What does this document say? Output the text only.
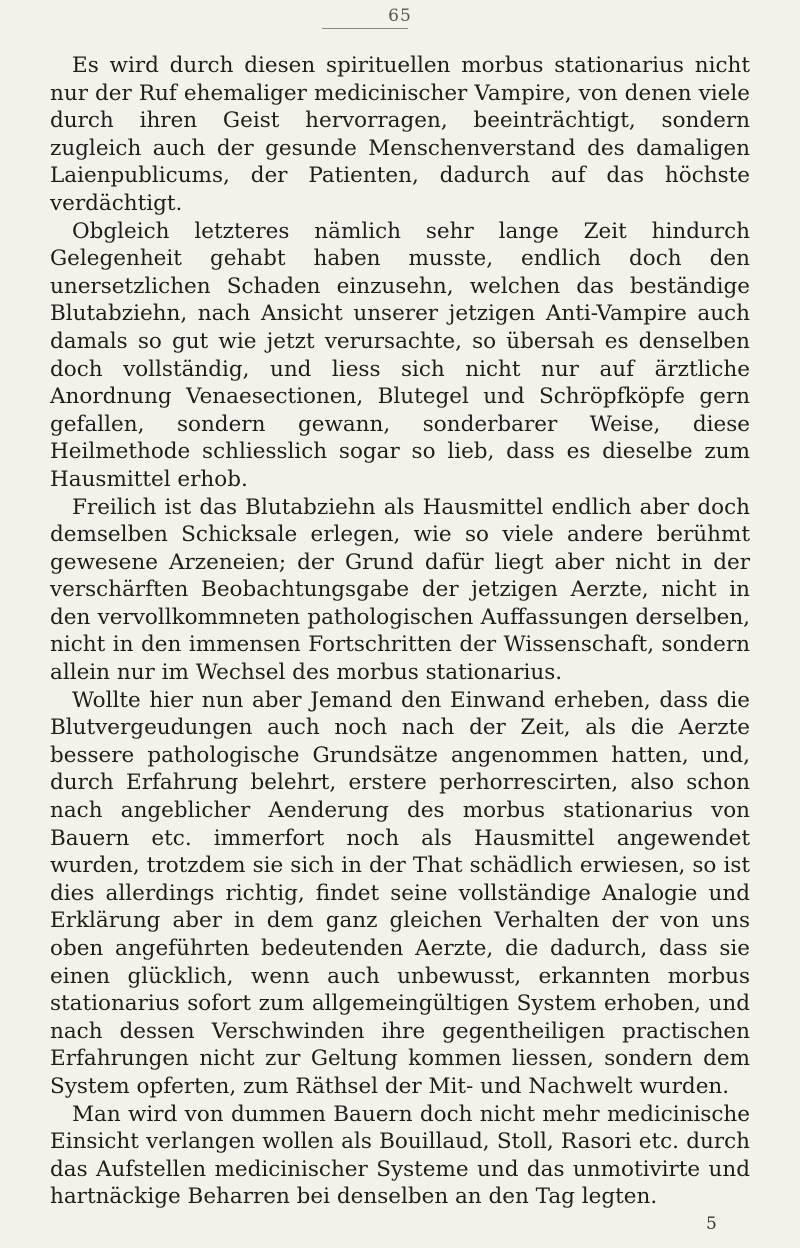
65

Es wird durch diesen spirituellen morbus stationarius nicht nur der Ruf ehemaliger medicinischer Vampire, von denen viele durch ihren Geist hervorragen, beeinträchtigt, sondern zugleich auch der gesunde Menschenverstand des damaligen Laienpublicums, der Patienten, dadurch auf das höchste verdächtigt.

Obgleich letzteres nämlich sehr lange Zeit hindurch Gelegenheit gehabt haben musste, endlich doch den unersetzlichen Schaden einzusehn, welchen das beständige Blutabziehn, nach Ansicht unserer jetzigen Anti-Vampire auch damals so gut wie jetzt verursachte, so übersah es denselben doch vollständig, und liess sich nicht nur auf ärztliche Anordnung Venaesectionen, Blutegel und Schröpfköpfe gern gefallen, sondern gewann, sonderbarer Weise, diese Heilmethode schliesslich sogar so lieb, dass es dieselbe zum Hausmittel erhob.

Freilich ist das Blutabziehn als Hausmittel endlich aber doch demselben Schicksale erlegen, wie so viele andere berühmt gewesene Arzeneien; der Grund dafür liegt aber nicht in der verschärften Beobachtungsgabe der jetzigen Aerzte, nicht in den vervollkommneten pathologischen Auffassungen derselben, nicht in den immensen Fortschritten der Wissenschaft, sondern allein nur im Wechsel des morbus stationarius.

Wollte hier nun aber Jemand den Einwand erheben, dass die Blutvergeudungen auch noch nach der Zeit, als die Aerzte bessere pathologische Grundsätze angenommen hatten, und, durch Erfahrung belehrt, erstere perhorrescirten, also schon nach angeblicher Aenderung des morbus stationarius von Bauern etc. immerfort noch als Hausmittel angewendet wurden, trotzdem sie sich in der That schädlich erwiesen, so ist dies allerdings richtig, findet seine vollständige Analogie und Erklärung aber in dem ganz gleichen Verhalten der von uns oben angeführten bedeutenden Aerzte, die dadurch, dass sie einen glücklich, wenn auch unbewusst, erkannten morbus stationarius sofort zum allgemeingültigen System erhoben, und nach dessen Verschwinden ihre gegentheiligen practischen Erfahrungen nicht zur Geltung kommen liessen, sondern dem System opferten, zum Räthsel der Mit- und Nachwelt wurden.

Man wird von dummen Bauern doch nicht mehr medicinische Einsicht verlangen wollen als Bouillaud, Stoll, Rasori etc. durch das Aufstellen medicinischer Systeme und das unmotivirte und hartnäckige Beharren bei denselben an den Tag legten.

5
